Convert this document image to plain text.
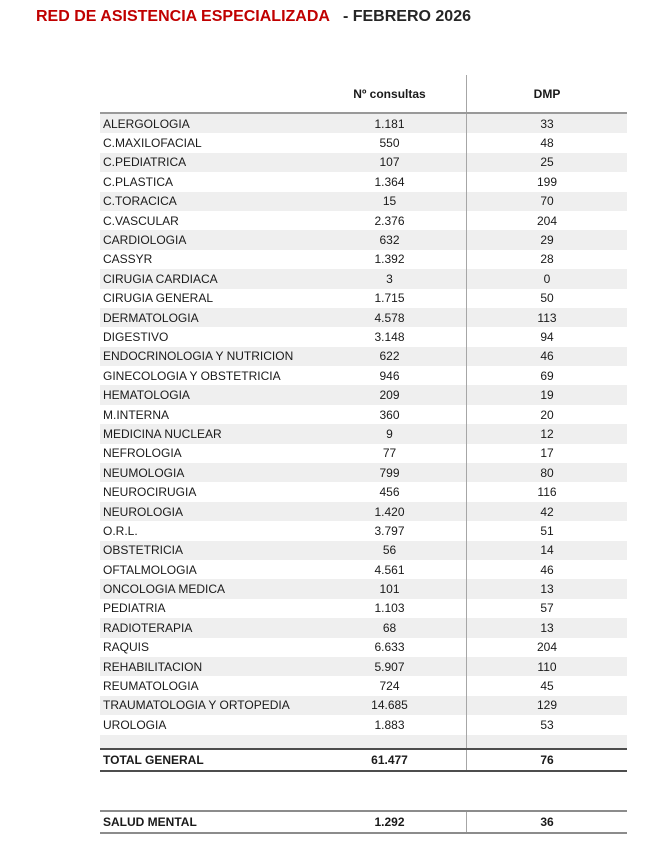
RED DE ASISTENCIA ESPECIALIZADA - FEBRERO 2026
Nº consultas	DMP
ALERGOLOGIA	1.181	33
C.MAXILOFACIAL	550	48
C.PEDIATRICA	107	25
C.PLASTICA	1.364	199
C.TORACICA	15	70
C.VASCULAR	2.376	204
CARDIOLOGIA	632	29
CASSYR	1.392	28
CIRUGIA CARDIACA	3	0
CIRUGIA GENERAL	1.715	50
DERMATOLOGIA	4.578	113
DIGESTIVO	3.148	94
ENDOCRINOLOGIA Y NUTRICION	622	46
GINECOLOGIA Y OBSTETRICIA	946	69
HEMATOLOGIA	209	19
M.INTERNA	360	20
MEDICINA NUCLEAR	9	12
NEFROLOGIA	77	17
NEUMOLOGIA	799	80
NEUROCIRUGIA	456	116
NEUROLOGIA	1.420	42
O.R.L.	3.797	51
OBSTETRICIA	56	14
OFTALMOLOGIA	4.561	46
ONCOLOGIA MEDICA	101	13
PEDIATRIA	1.103	57
RADIOTERAPIA	68	13
RAQUIS	6.633	204
REHABILITACION	5.907	110
REUMATOLOGIA	724	45
TRAUMATOLOGIA Y ORTOPEDIA	14.685	129
UROLOGIA	1.883	53
TOTAL GENERAL	61.477	76
SALUD MENTAL	1.292	36
